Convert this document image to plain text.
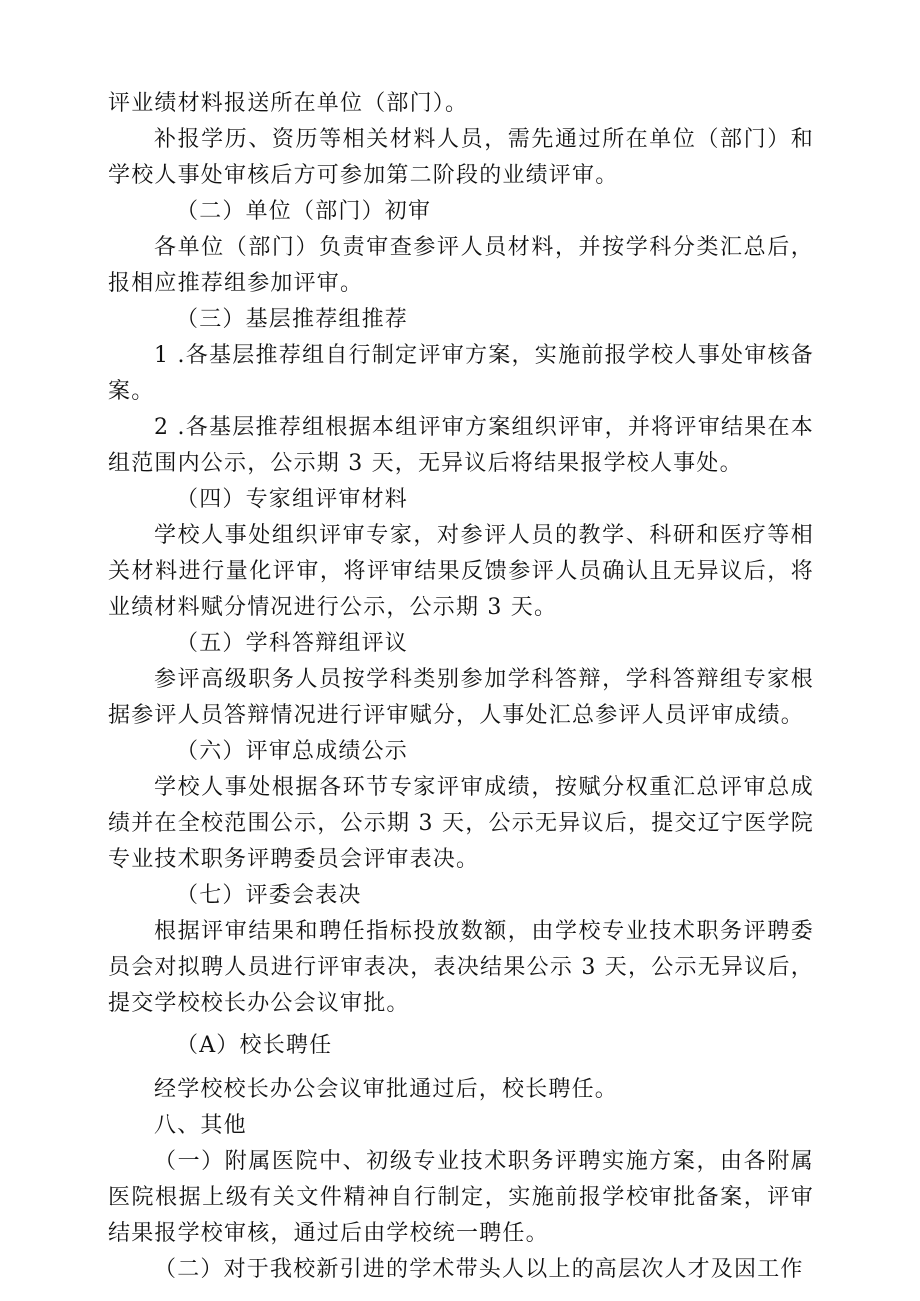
评业绩材料报送所在单位（部门）。

补报学历、资历等相关材料人员，需先通过所在单位（部门）和学校人事处审核后方可参加第二阶段的业绩评审。

（二）单位（部门）初审

各单位（部门）负责审查参评人员材料，并按学科分类汇总后，报相应推荐组参加评审。

（三）基层推荐组推荐

1 .各基层推荐组自行制定评审方案，实施前报学校人事处审核备案。

2 .各基层推荐组根据本组评审方案组织评审，并将评审结果在本组范围内公示，公示期 3 天，无异议后将结果报学校人事处。

（四）专家组评审材料

学校人事处组织评审专家，对参评人员的教学、科研和医疗等相关材料进行量化评审，将评审结果反馈参评人员确认且无异议后，将业绩材料赋分情况进行公示，公示期 3 天。

（五）学科答辩组评议

参评高级职务人员按学科类别参加学科答辩，学科答辩组专家根据参评人员答辩情况进行评审赋分，人事处汇总参评人员评审成绩。

（六）评审总成绩公示

学校人事处根据各环节专家评审成绩，按赋分权重汇总评审总成绩并在全校范围公示，公示期 3 天，公示无异议后，提交辽宁医学院专业技术职务评聘委员会评审表决。

（七）评委会表决

根据评审结果和聘任指标投放数额，由学校专业技术职务评聘委员会对拟聘人员进行评审表决，表决结果公示 3 天，公示无异议后，提交学校校长办公会议审批。

（A）校长聘任

经学校校长办公会议审批通过后，校长聘任。

八、其他

（一）附属医院中、初级专业技术职务评聘实施方案，由各附属医院根据上级有关文件精神自行制定，实施前报学校审批备案，评审结果报学校审核，通过后由学校统一聘任。

（二）对于我校新引进的学术带头人以上的高层次人才及因工作
